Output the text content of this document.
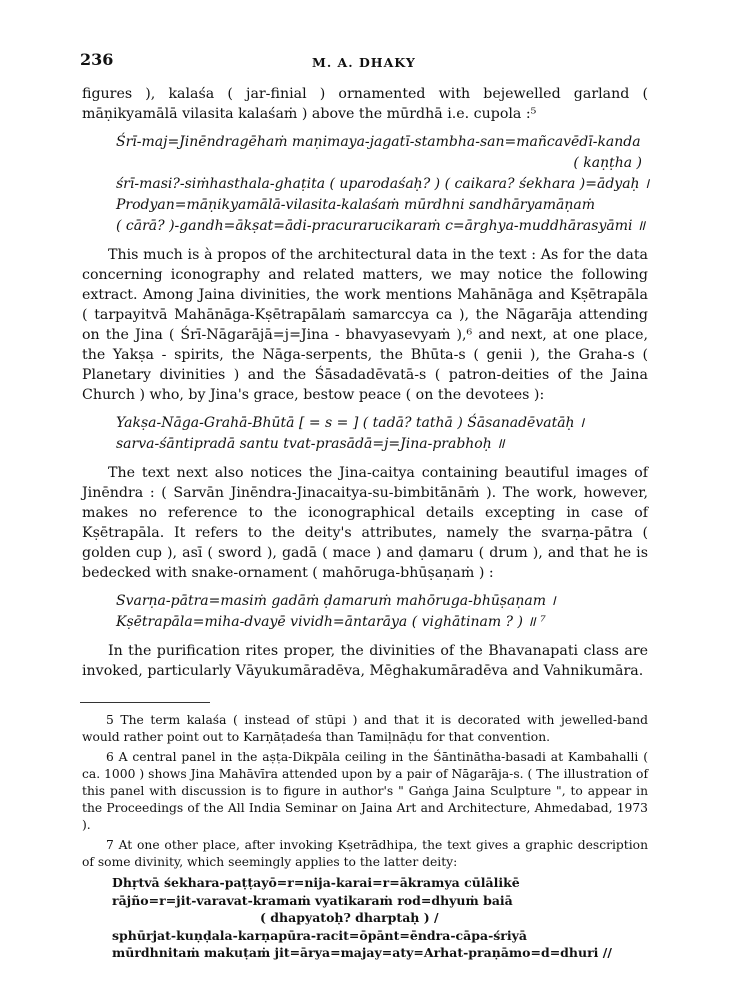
236	M. A. DHAKY

figures ), kalaśa ( jar-finial ) ornamented with bejewelled garland ( māṇikyamālā vilasita kalaśaṁ ) above the mūrdhā i.e. cupola :⁵

Śrī-maj=Jinēndragēhaṁ maṇimaya-jagatī-stambha-san=mañcavēdī-kanda
( kaṇṭha )
śrī-masi?-siṁhasthala-ghaṭita ( uparodaśaḥ? ) ( caikara? śekhara )=ādyaḥ ।
Prodyan=māṇikyamālā-vilasita-kalaśaṁ mūrdhni sandhāryamāṇaṁ
( cārā? )-gandh=ākṣat=ādi-pracurarucikaraṁ c=ārghya-muddhārasyāmi ॥

This much is à propos of the architectural data in the text : As for the data concerning iconography and related matters, we may notice the following extract. Among Jaina divinities, the work mentions Mahānāga and Kṣētrapāla ( tarpayitvā Mahānāga-Kṣētrapālaṁ samarccya ca ), the Nāgarāja attending on the Jina ( Śrī-Nāgarājā=j=Jina - bhavyasevyaṁ ),⁶ and next, at one place, the Yakṣa - spirits, the Nāga-serpents, the Bhūta-s ( genii ), the Graha-s ( Planetary divinities ) and the Śāsadadēvatā-s ( patron-deities of the Jaina Church ) who, by Jina's grace, bestow peace ( on the devotees ):

Yakṣa-Nāga-Grahā-Bhūtā [ = s = ] ( tadā? tathā ) Śāsanadēvatāḥ ।
sarva-śāntipradā santu tvat-prasādā=j=Jina-prabhoḥ ॥

The text next also notices the Jina-caitya containing beautiful images of Jinēndra : ( Sarvān Jinēndra-Jinacaitya-su-bimbitānāṁ ). The work, however, makes no reference to the iconographical details excepting in case of Kṣētrapāla. It refers to the deity's attributes, namely the svarṇa-pātra ( golden cup ), asī ( sword ), gadā ( mace ) and ḍamaru ( drum ), and that he is bedecked with snake-ornament ( mahōruga-bhūṣaṇaṁ ) :

Svarṇa-pātra=masiṁ gadāṁ ḍamaruṁ mahōruga-bhūṣaṇam ।
Kṣētrapāla=miha-dvayē vividh=āntarāya ( vighātinam ? ) ॥ ⁷

In the purification rites proper, the divinities of the Bhavanapati class are invoked, particularly Vāyukumāradēva, Mēghakumāradēva and Vahnikumāra.

5 The term kalaśa ( instead of stūpi ) and that it is decorated with jewelled-band would rather point out to Karṇāṭadeśa than Tamiḷnāḍu for that convention.

6 A central panel in the aṣṭa-Dikpāla ceiling in the Śāntinātha-basadi at Kambahalli ( ca. 1000 ) shows Jina Mahāvīra attended upon by a pair of Nāgarāja-s. ( The illustration of this panel with discussion is to figure in author's " Gaṅga Jaina Sculpture ", to appear in the Proceedings of the All India Seminar on Jaina Art and Architecture, Ahmedabad, 1973 ).

7 At one other place, after invoking Kṣetrādhipa, the text gives a graphic description of some divinity, which seemingly applies to the latter deity:

Dhṛtvā śekhara-paṭṭayō=r=nija-karai=r=ākramya cūlālikē
rājño=r=jit-varavat-kramaṁ vyatikaraṁ rod=dhyuṁ baiā
( dhapyatoḥ? dharptaḥ ) /
sphūrjat-kuṇḍala-karṇapūra-racit=ōpānt=ēndra-cāpa-śriyā
mūrdhnitaṁ makuṭaṁ jit=ārya=majay=aty=Arhat-praṇāmo=d=dhuri //
